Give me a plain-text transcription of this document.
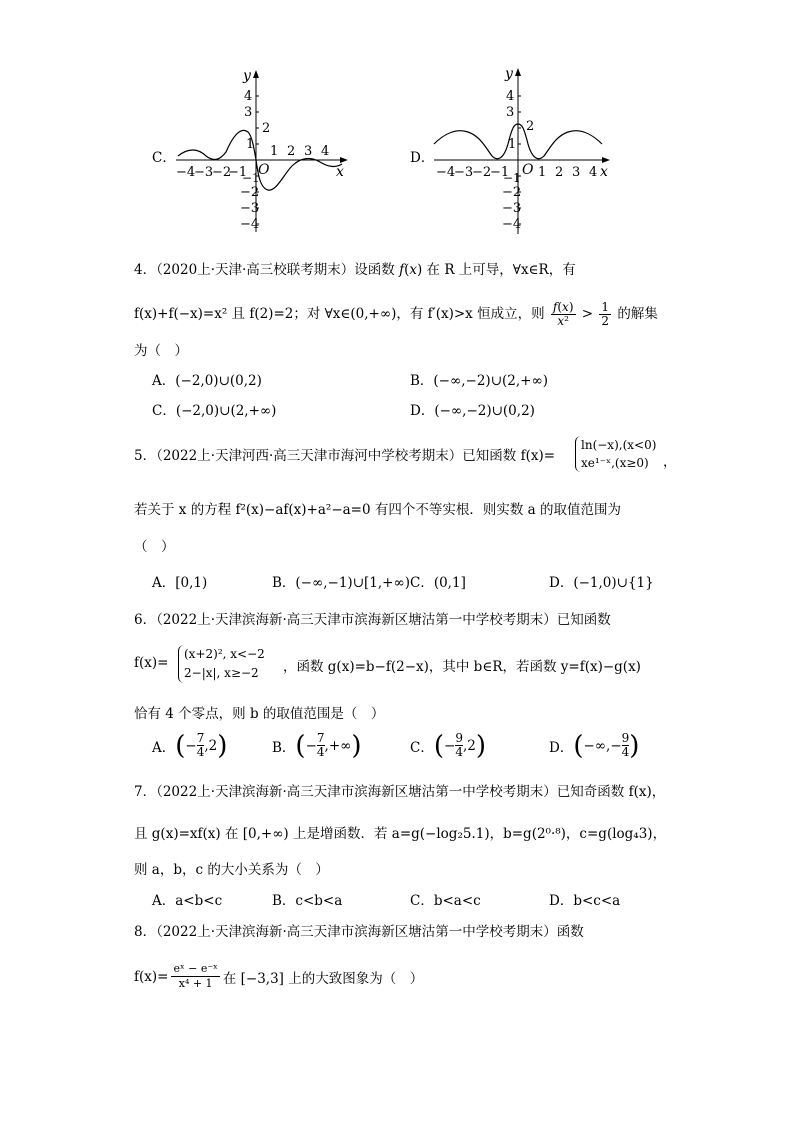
C．
y
x
O
4
3
2
1
−1
−2
−3
−4
−4
−3
−2
−1
1 2 3 4	D．
y
x
O
4
3
2
1
−1
−2
−3
−4
−4
−3
−2
−1 1 2 3 4
4．（2020上·天津·高三校联考期末）设函数 f(x) 在 R 上可导，∀x∈R，有
f(x)+f(−x)=x² 且 f(2)=2；对 ∀x∈(0,+∞)，有 f′(x)>x 恒成立，则 $\frac{f(x)}{\text{x²}} > \frac{1}{2}$ 的解集
为（　）
A．(−2,0)∪(0,2)	B．(−∞,−2)∪(2,+∞)
C．(−2,0)∪(2,+∞)	D．(−∞,−2)∪(0,2)
5．（2022上·天津河西·高三天津市海河中学校考期末）已知函数 f(x)=
ln(−x),(x<0)
xe¹⁻ˣ,(x≥0)	，
若关于 x 的方程 f²(x)−af(x)+a²−a=0 有四个不等实根．则实数 a 的取值范围为
（　）
A．[0,1)	B．(−∞,−1)∪[1,+∞) C．(0,1]	D．(−1,0)∪{1}
6．（2022上·天津滨海新·高三天津市滨海新区塘沽第一中学校考期末）已知函数
f(x)=
(x+2)², x<−2
2−|x|, x≥−2	，函数 g(x)=b−f(2−x)，其中 b∈R，若函数 y=f(x)−g(x)
恰有 4 个零点，则 b 的取值范围是（　）
A． ( − 7
4 ,2 )	B． ( − 7
4 ,+∞ )	C． ( − 9
4 ,2 )	D． ( −∞,− $\frac{9}{4}$ )
7．（2022上·天津滨海新·高三天津市滨海新区塘沽第一中学校考期末）已知奇函数 f(x)，
且 g(x)=xf(x) 在 [0,+∞) 上是增函数．若 a=g(−log₂5.1)，b=g(2⁰·⁸)，c=g(log₄3)，
则 a，b，c 的大小关系为（　）
A．a<b<c	B．c<b<a	C．b<a<c	D．b<c<a
8．（2022上·天津滨海新·高三天津市滨海新区塘沽第一中学校考期末）函数
$f(x)= \frac{\text{eˣ − e⁻ˣ}}{\text{x⁴ + 1}}$ 在 [−3,3] 上的大致图象为（　）
